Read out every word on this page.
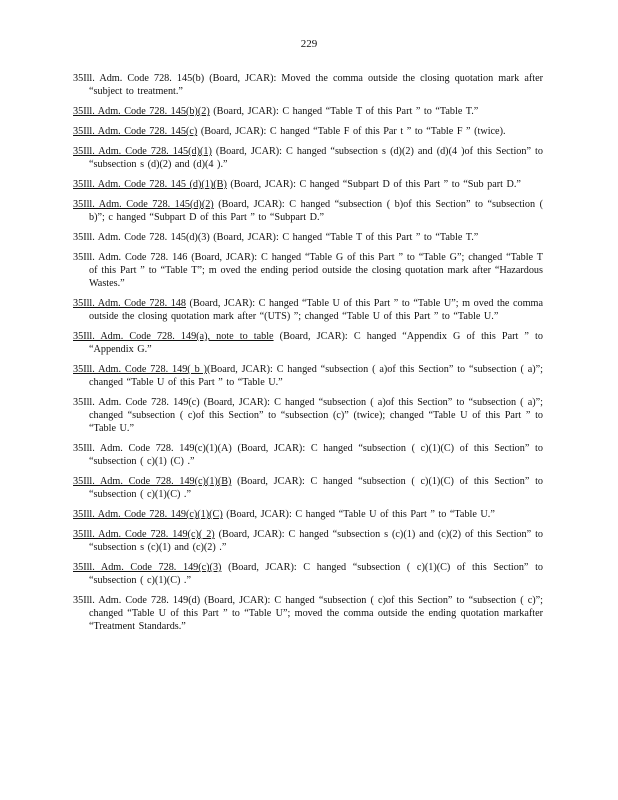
229

35Ill. Adm. Code 728. 145(b) (Board, JCAR): Moved the comma outside the closing quotation mark after “subject to treatment.”

35Ill. Adm. Code 728. 145(b)(2) (Board, JCAR): C hanged “Table T of this Part ” to “Table T.”

35Ill. Adm. Code 728. 145(c) (Board, JCAR): C hanged “Table F of this Par t ” to “Table F ” (twice).

35Ill. Adm. Code 728. 145(d)(1) (Board, JCAR): C hanged “subsection s (d)(2) and (d)(4 )of this Section” to “subsection s (d)(2) and (d)(4 ).”

35Ill. Adm. Code 728. 145 (d)(1)(B) (Board, JCAR): C hanged “Subpart D of this Part ” to “Sub part D.”

35Ill. Adm. Code 728. 145(d)(2) (Board, JCAR): C hanged “subsection ( b)of this Section” to “subsection ( b)”; c hanged “Subpart D of this Part ” to “Subpart D.”

35Ill. Adm. Code 728. 145(d)(3) (Board, JCAR): C hanged “Table T of this Part ” to “Table T.”

35Ill. Adm. Code 728. 146 (Board, JCAR): C hanged “Table G of this Part ” to “Table G”; changed “Table T of this Part ” to “Table T”; m oved the ending period outside the closing quotation mark after “Hazardous Wastes.”

35Ill. Adm. Code 728. 148 (Board, JCAR): C hanged “Table U of this Part ” to “Table U”; m oved the comma outside the closing quotation mark after “(UTS) ”; changed “Table U of this Part ” to “Table U.”

35Ill. Adm. Code 728. 149(a), note to table (Board, JCAR): C hanged “Appendix G of this Part ” to “Appendix G.”

35Ill. Adm. Code 728. 149( b )(Board, JCAR): C hanged “subsection ( a)of this Section” to “subsection ( a)”; changed “Table U of this Part ” to “Table U.”

35Ill. Adm. Code 728. 149(c) (Board, JCAR): C hanged “subsection ( a)of this Section” to “subsection ( a)”; changed “subsection ( c)of this Section” to “subsection (c)” (twice); changed “Table U of this Part ” to “Table U.”

35Ill. Adm. Code 728. 149(c)(1)(A) (Board, JCAR): C hanged “subsection ( c)(1)(C) of this Section” to “subsection ( c)(1) (C) .”

35Ill. Adm. Code 728. 149(c)(1)(B) (Board, JCAR): C hanged “subsection ( c)(1)(C) of this Section” to “subsection ( c)(1)(C) .”

35Ill. Adm. Code 728. 149(c)(1)(C) (Board, JCAR): C hanged “Table U of this Part ” to “Table U.”

35Ill. Adm. Code 728. 149(c)( 2) (Board, JCAR): C hanged “subsection s (c)(1) and (c)(2) of this Section” to “subsection s (c)(1) and (c)(2) .”

35Ill. Adm. Code 728. 149(c)(3) (Board, JCAR): C hanged “subsection ( c)(1)(C) of this Section” to “subsection ( c)(1)(C) .”

35Ill. Adm. Code 728. 149(d) (Board, JCAR): C hanged “subsection ( c)of this Section” to “subsection ( c)”; changed “Table U of this Part ” to “Table U”; moved the comma outside the ending quotation markafter “Treatment Standards.”
